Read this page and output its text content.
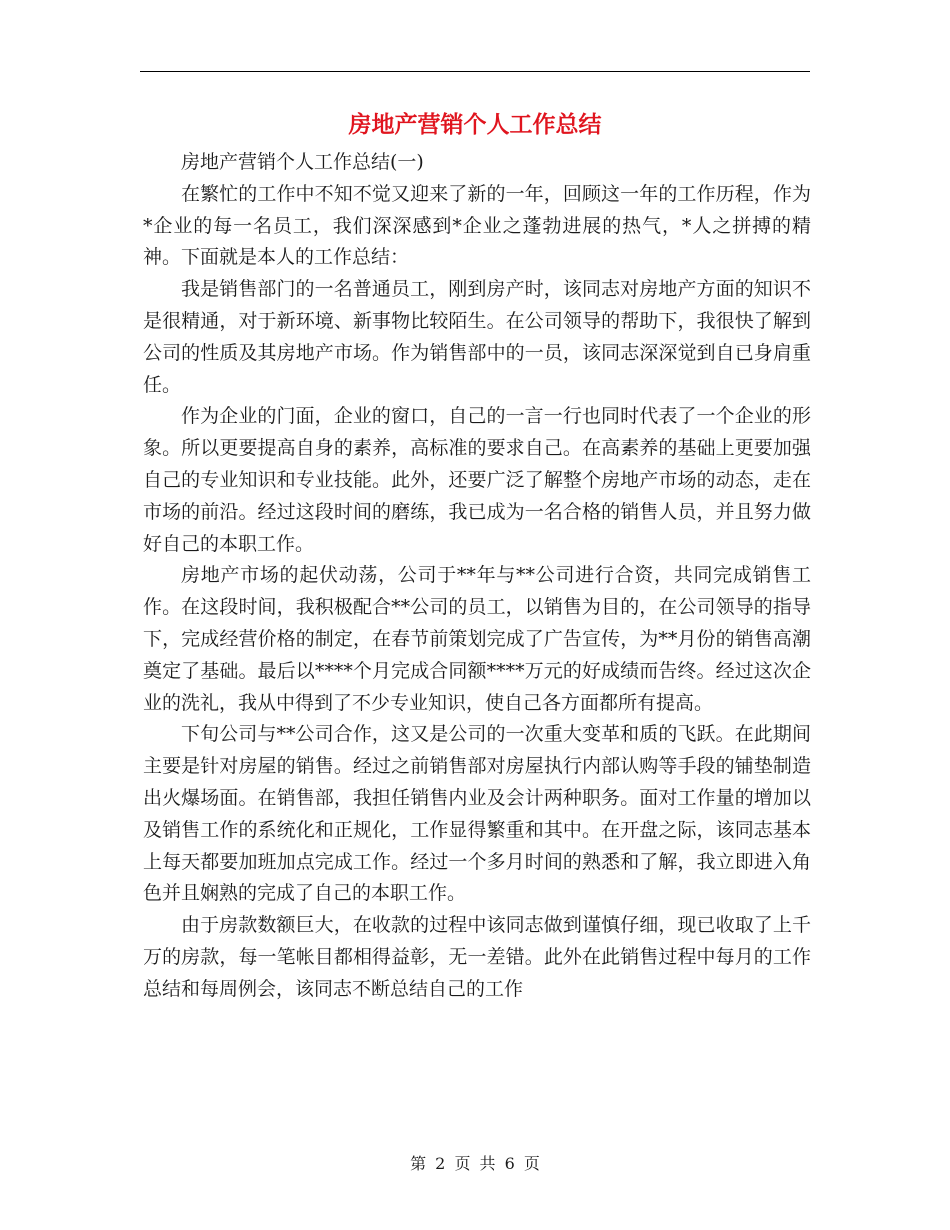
房地产营销个人工作总结

房地产营销个人工作总结(一)

在繁忙的工作中不知不觉又迎来了新的一年，回顾这一年的工作历程，作为*企业的每一名员工，我们深深感到*企业之蓬勃进展的热气，*人之拼搏的精神。下面就是本人的工作总结：

我是销售部门的一名普通员工，刚到房产时，该同志对房地产方面的知识不是很精通，对于新环境、新事物比较陌生。在公司领导的帮助下，我很快了解到公司的性质及其房地产市场。作为销售部中的一员，该同志深深觉到自已身肩重任。

作为企业的门面，企业的窗口，自己的一言一行也同时代表了一个企业的形象。所以更要提高自身的素养，高标准的要求自己。在高素养的基础上更要加强自己的专业知识和专业技能。此外，还要广泛了解整个房地产市场的动态，走在市场的前沿。经过这段时间的磨练，我已成为一名合格的销售人员，并且努力做好自己的本职工作。

房地产市场的起伏动荡，公司于**年与**公司进行合资，共同完成销售工作。在这段时间，我积极配合**公司的员工，以销售为目的，在公司领导的指导下，完成经营价格的制定，在春节前策划完成了广告宣传，为**月份的销售高潮奠定了基础。最后以****个月完成合同额****万元的好成绩而告终。经过这次企业的洗礼，我从中得到了不少专业知识，使自己各方面都所有提高。

下旬公司与**公司合作，这又是公司的一次重大变革和质的飞跃。在此期间主要是针对房屋的销售。经过之前销售部对房屋执行内部认购等手段的铺垫制造出火爆场面。在销售部，我担任销售内业及会计两种职务。面对工作量的增加以及销售工作的系统化和正规化，工作显得繁重和其中。在开盘之际，该同志基本上每天都要加班加点完成工作。经过一个多月时间的熟悉和了解，我立即进入角色并且娴熟的完成了自己的本职工作。

由于房款数额巨大，在收款的过程中该同志做到谨慎仔细，现已收取了上千万的房款，每一笔帐目都相得益彰，无一差错。此外在此销售过程中每月的工作总结和每周例会，该同志不断总结自己的工作

第 2 页 共 6 页
